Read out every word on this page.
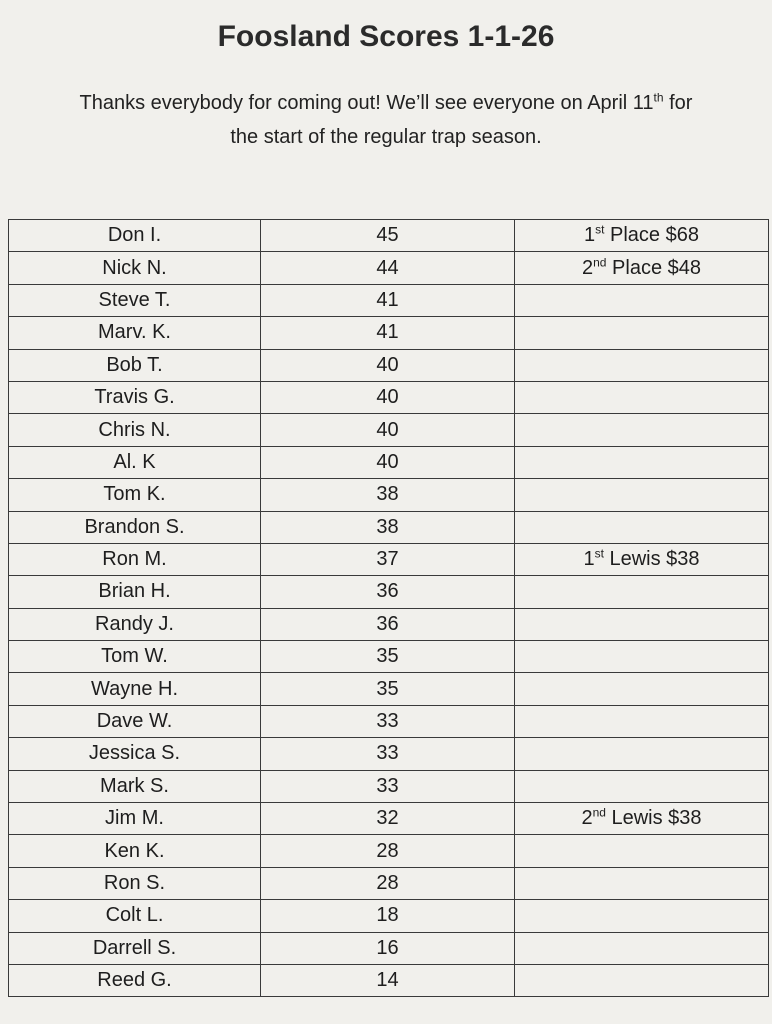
Foosland Scores 1-1-26
Thanks everybody for coming out! We’ll see everyone on April 11th for
the start of the regular trap season.
Don I.	45	1st Place $68
Nick N.	44	2nd Place $48
Steve T.	41	
Marv. K.	41	
Bob T.	40	
Travis G.	40	
Chris N.	40	
Al. K	40	
Tom K.	38	
Brandon S.	38	
Ron M.	37	1st Lewis $38
Brian H.	36	
Randy J.	36	
Tom W.	35	
Wayne H.	35	
Dave W.	33	
Jessica S.	33	
Mark S.	33	
Jim M.	32	2nd Lewis $38
Ken K.	28	
Ron S.	28	
Colt L.	18	
Darrell S.	16	
Reed G.	14	
